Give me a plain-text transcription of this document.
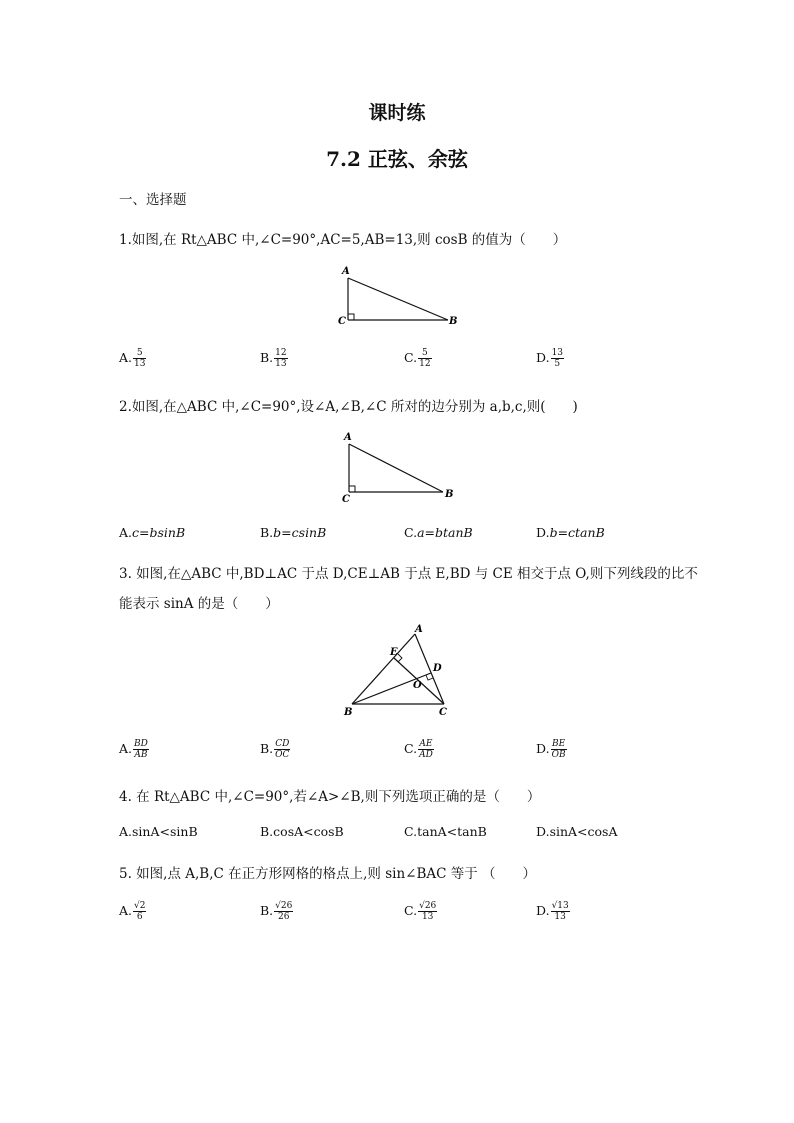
课时练
7.2 正弦、余弦
一、选择题
1.如图,在 Rt△ABC 中,∠C=90°,AC=5,AB=13,则 cosB 的值为（　　）
A
C	B
A. $\frac{5}{13}$	B. $\frac{12}{13}$	C. $\frac{5}{12}$	D. $\frac{13}{5}$
2.如图,在△ABC 中,∠C=90°,设∠A,∠B,∠C 所对的边分别为 a,b,c,则(　　)
A
C	B
A.c=bsinB	B.b=csinB	C.a=btanB	D.b=ctanB
3. 如图,在△ABC 中,BD⊥AC 于点 D,CE⊥AB 于点 E,BD 与 CE 相交于点 O,则下列线段的比不
能表示 sinA 的是（　　）
A
E
D
O
B	C
A. $\frac{BD}{AB}$	B. $\frac{CD}{OC}$	C. $\frac{AE}{AD}$	D. $\frac{BE}{OB}$
4. 在 Rt△ABC 中,∠C=90°,若∠A>∠B,则下列选项正确的是（　　）
A.sinA<sinB	B.cosA<cosB	C.tanA<tanB	D.sinA<cosA
5. 如图,点 A,B,C 在正方形网格的格点上,则 sin∠BAC 等于 （　　）
A. $\frac{√2}{6}$	B. $\frac{√26}{26}$	C. $\frac{√26}{13}$	D. $\frac{√13}{13}$
